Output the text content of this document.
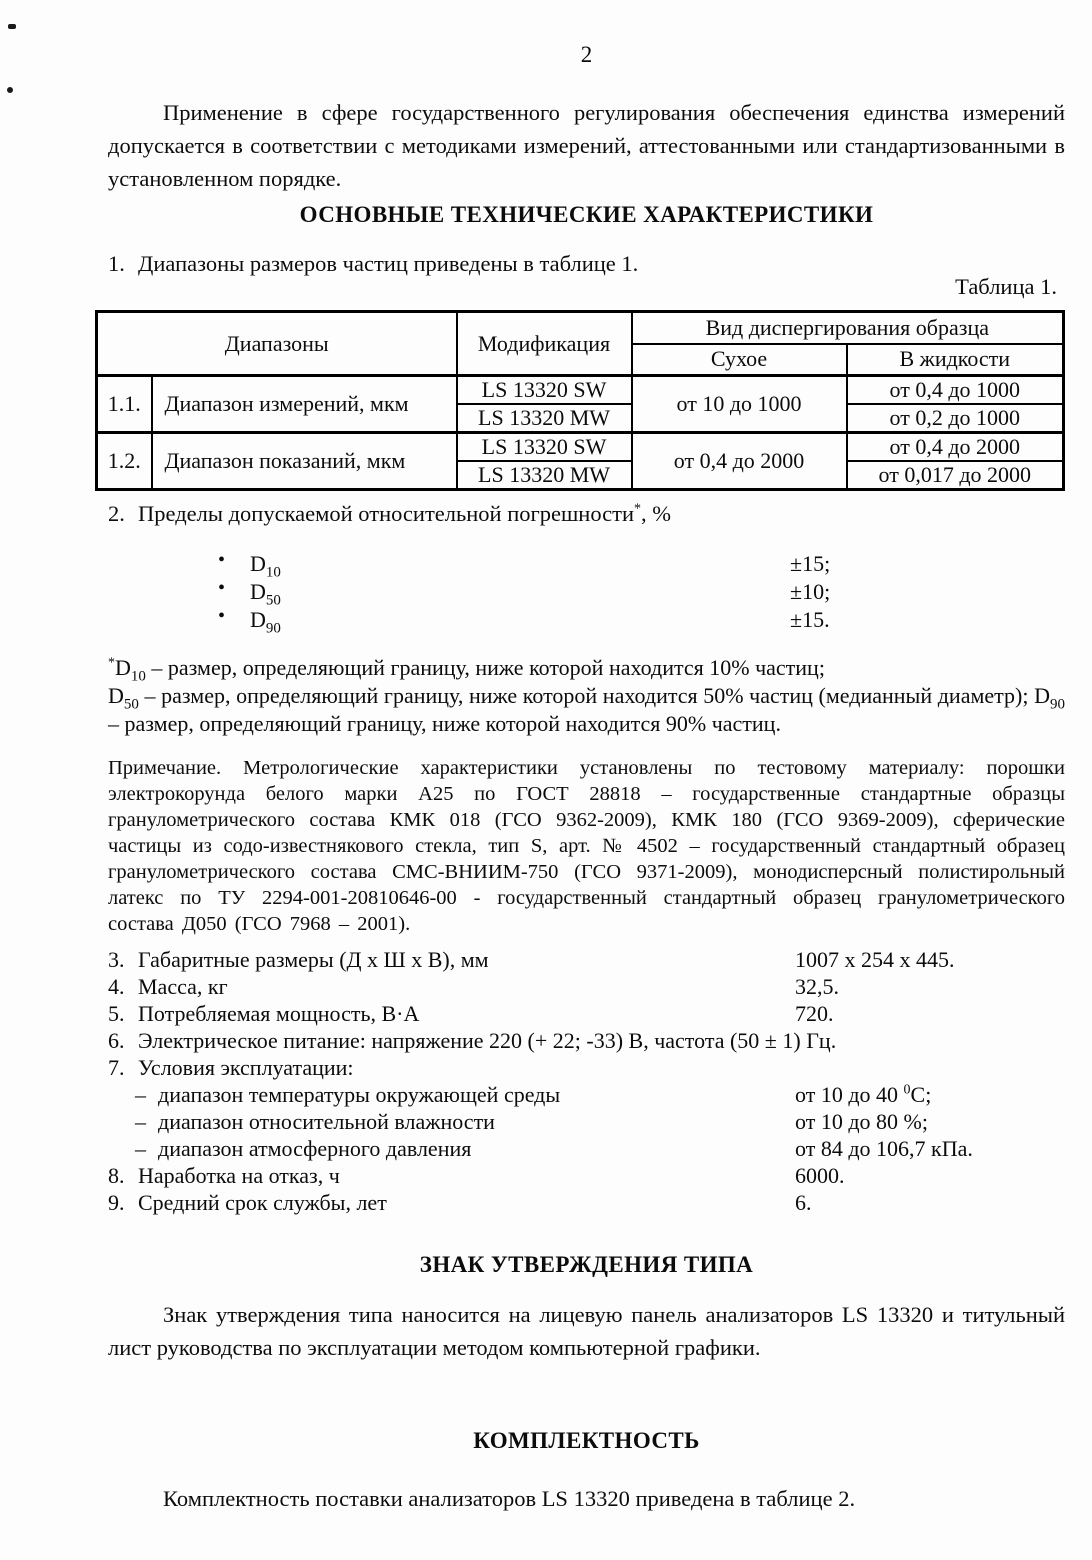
2

Применение в сфере государственного регулирования обеспечения единства измерений допускается в соответствии с методиками измерений, аттестованными или стандартизованными в установленном порядке.

ОСНОВНЫЕ ТЕХНИЧЕСКИЕ ХАРАКТЕРИСТИКИ
1. Диапазоны размеров частиц приведены в таблице 1.
Таблица 1.
Диапазоны		Модификация	Вид диспергирования образца	
			Сухое	В жидкости
1.1.	Диапазон измерений, мкм	LS 13320 SW	от 10 до 1000	от 0,4 до 1000
		LS 13320 MW		от 0,2 до 1000
1.2.	Диапазон показаний, мкм	LS 13320 SW	от 0,4 до 2000	от 0,4 до 2000
		LS 13320 MW		от 0,017 до 2000
2. Пределы допускаемой относительной погрешности*, %
• $D_{10}$	±15;
• $D_{50}$	±10;
• $D_{90}$	±15.
$^*D_{10}$ – размер, определяющий границу, ниже которой находится 10% частиц;
$D_{50}$ – размер, определяющий границу, ниже которой находится 50% частиц (медианный диаметр); $D_{90}$ – размер, определяющий границу, ниже которой находится 90% частиц.

Примечание. Метрологические характеристики установлены по тестовому материалу: порошки электрокорунда белого марки А25 по ГОСТ 28818 – государственные стандартные образцы гранулометрического состава КМК 018 (ГСО 9362-2009), КМК 180 (ГСО 9369-2009), сферические частицы из содо-известнякового стекла, тип S, арт. № 4502 – государственный стандартный образец гранулометрического состава СМС-ВНИИМ-750 (ГСО 9371-2009), монодисперсный полистирольный латекс по ТУ 2294-001-20810646-00 - государственный стандартный образец гранулометрического состава Д050 (ГСО 7968 – 2001).

3. Габаритные размеры (Д х Ш х В), мм	1007 х 254 х 445.
4. Масса, кг	32,5.
5. Потребляемая мощность, В·А	720.
6. Электрическое питание: напряжение 220 (+ 22; -33) В, частота (50 ± 1) Гц.
7. Условия эксплуатации:
– диапазон температуры окружающей среды	от 10 до 40 $^0$С;
– диапазон относительной влажности	от 10 до 80 %;
– диапазон атмосферного давления	от 84 до 106,7 кПа.
8. Наработка на отказ, ч	6000.
9. Средний срок службы, лет	6.
ЗНАК УТВЕРЖДЕНИЯ ТИПА

Знак утверждения типа наносится на лицевую панель анализаторов LS 13320 и титульный лист руководства по эксплуатации методом компьютерной графики.

КОМПЛЕКТНОСТЬ

Комплектность поставки анализаторов LS 13320 приведена в таблице 2.
